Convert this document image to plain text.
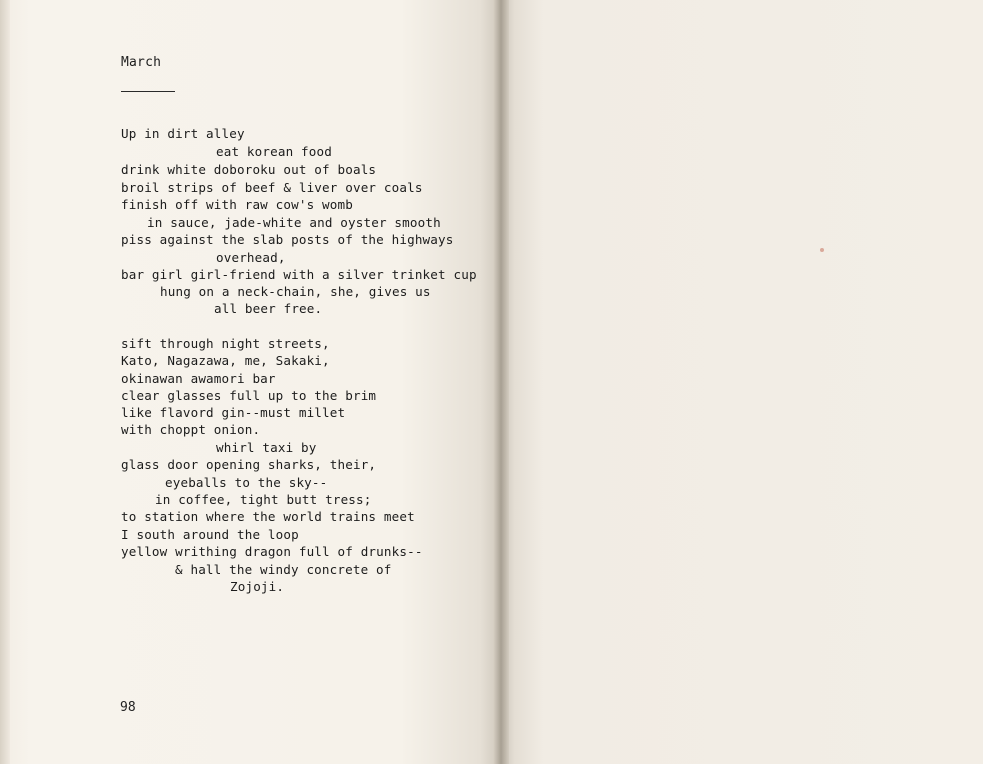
March
Up in dirt alley
eat korean food
drink white doboroku out of boals
broil strips of beef & liver over coals
finish off with raw cow's womb
in sauce, jade-white and oyster smooth
piss against the slab posts of the highways
overhead,
bar girl girl-friend with a silver trinket cup
hung on a neck-chain, she, gives us
all beer free.
sift through night streets,
Kato, Nagazawa, me, Sakaki,
okinawan awamori bar
clear glasses full up to the brim
like flavord gin--must millet
with choppt onion.
whirl taxi by
glass door opening sharks, their,
eyeballs to the sky--
in coffee, tight butt tress;
to station where the world trains meet
I south around the loop
yellow writhing dragon full of drunks--
& hall the windy concrete of
Zojoji.
98
